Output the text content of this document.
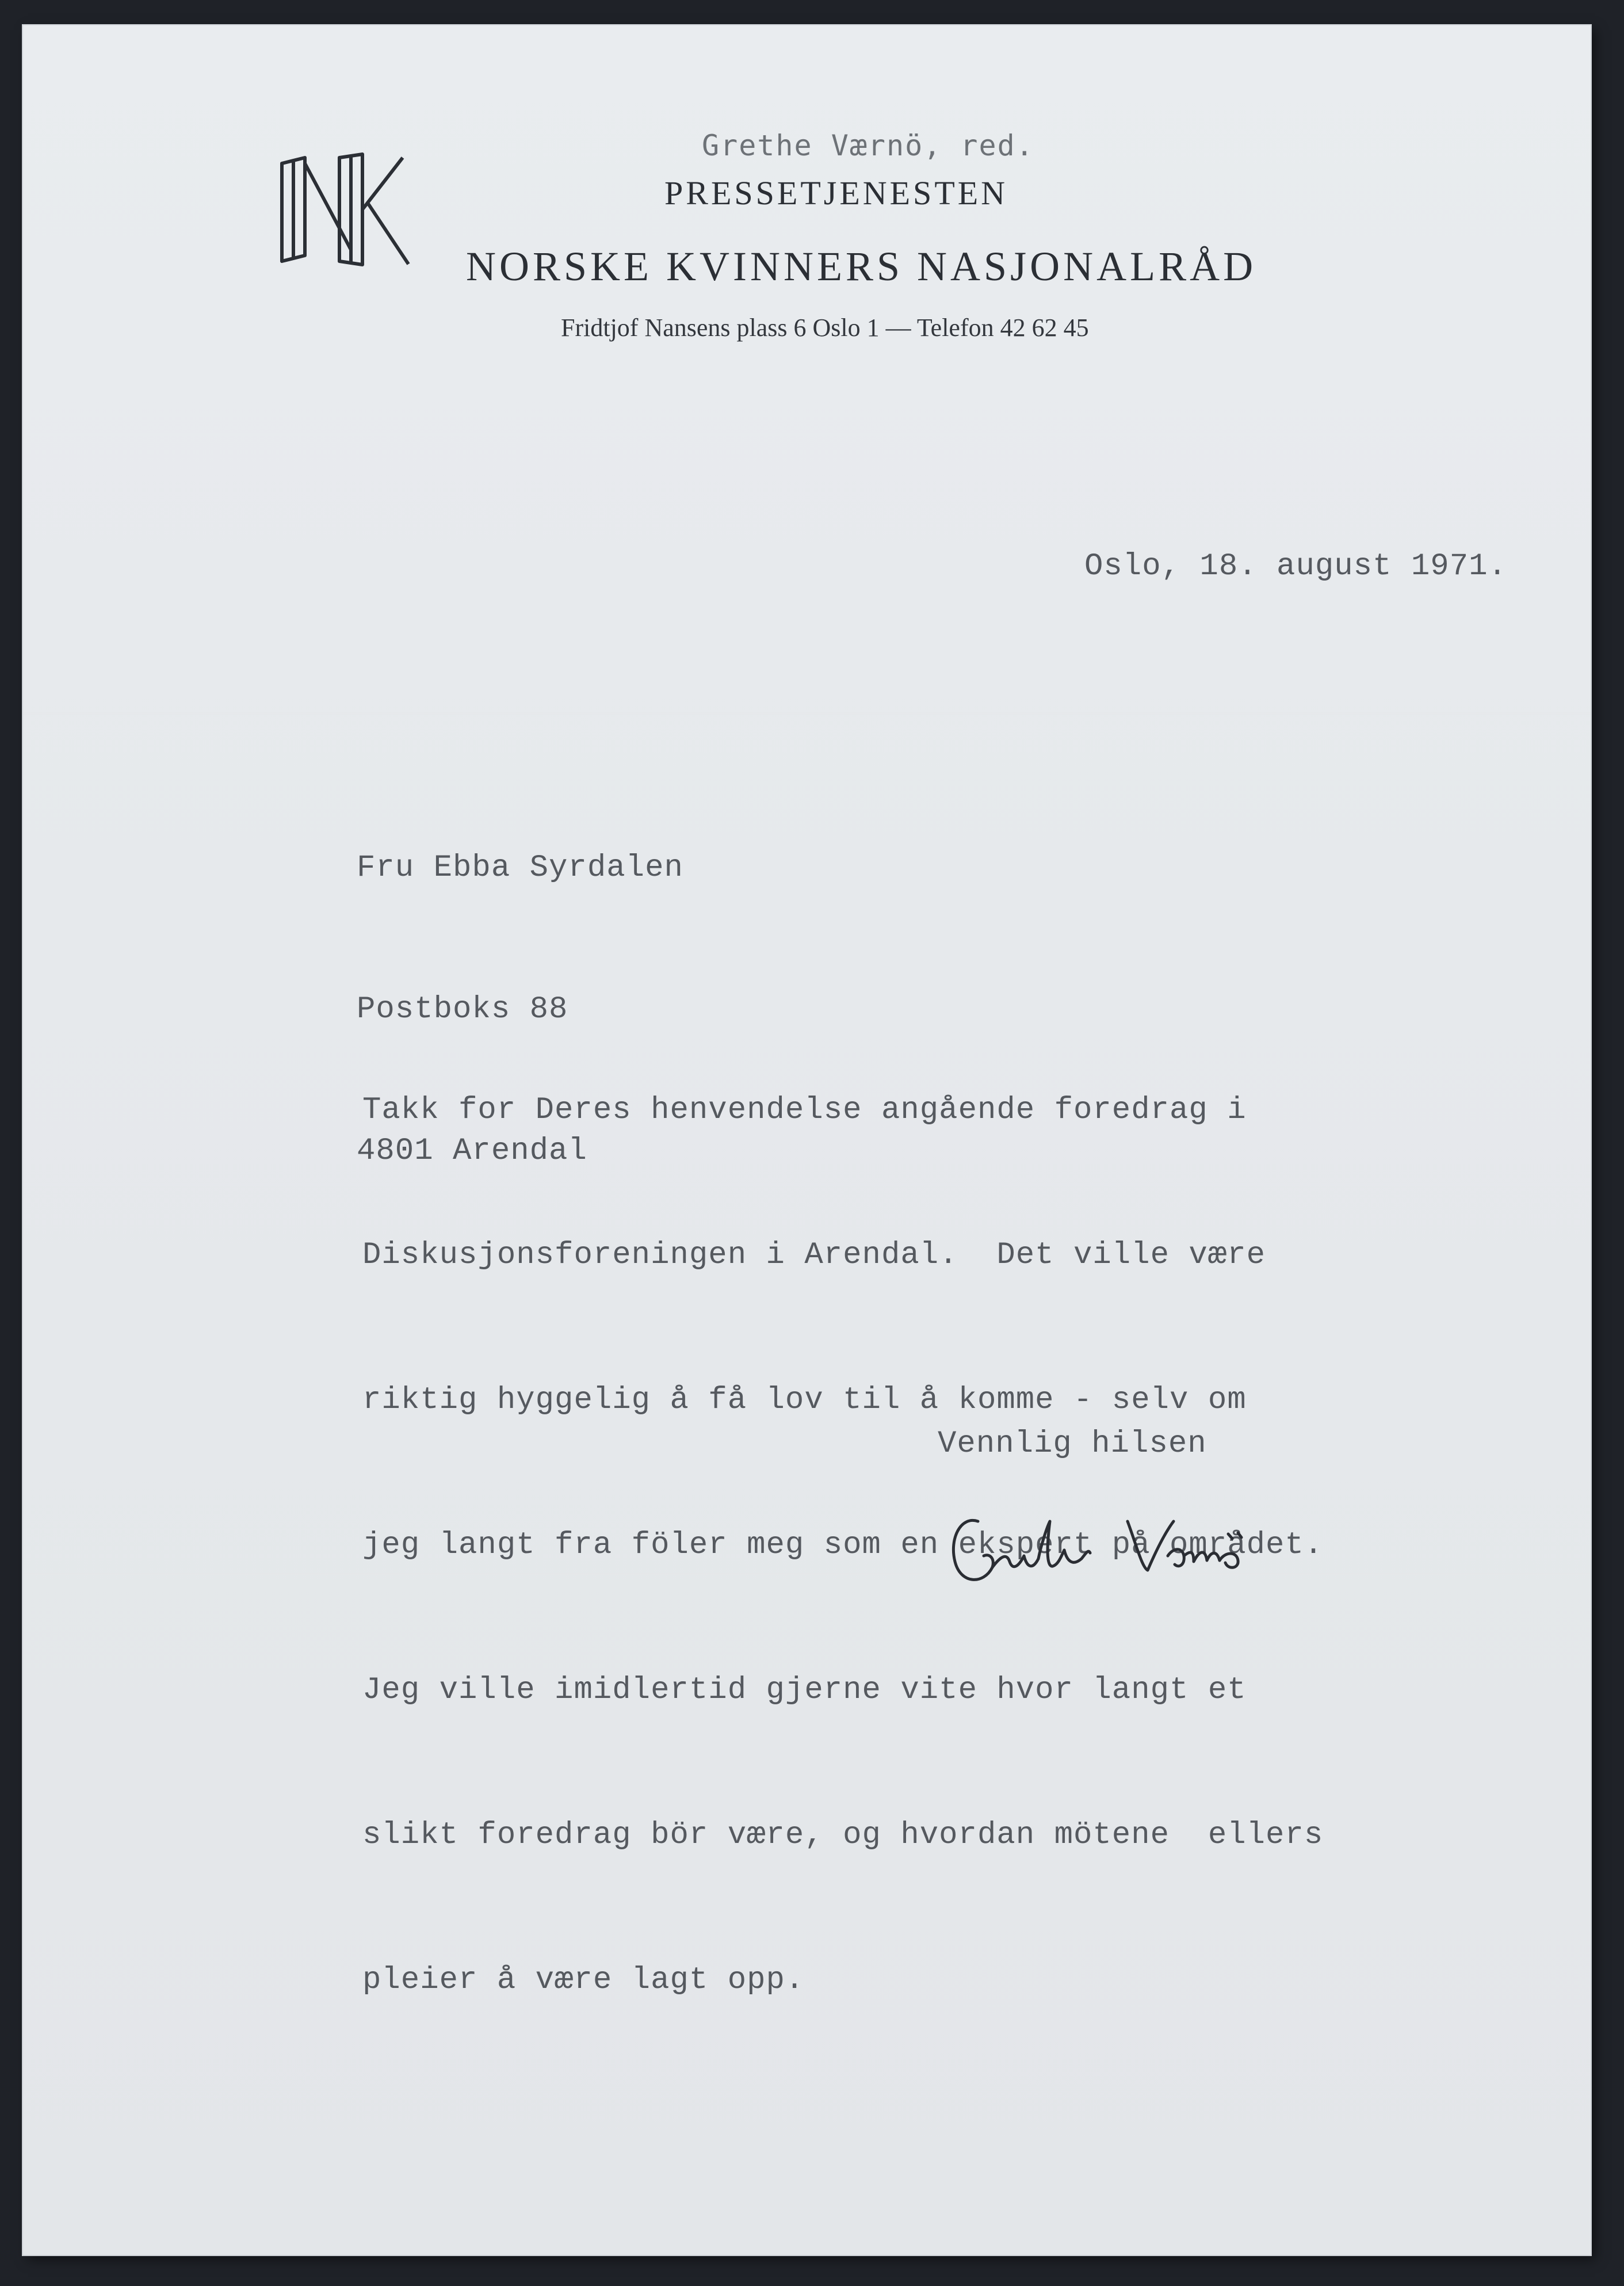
Grethe Værnö, red.
PRESSETJENESTEN
NORSKE KVINNERS NASJONALRÅD
Fridtjof Nansens plass 6 Oslo 1 — Telefon 42 62 45
Oslo, 18. august 1971.

Fru Ebba Syrdalen

Postboks 88

4801 Arendal

Takk for Deres henvendelse angående foredrag i

Diskusjonsforeningen i Arendal.  Det ville være

riktig hyggelig å få lov til å komme - selv om

jeg langt fra föler meg som en ekspert på området.

Jeg ville imidlertid gjerne vite hvor langt et

slikt foredrag bör være, og hvordan mötene  ellers

pleier å være lagt opp.

Vennlig hilsen
